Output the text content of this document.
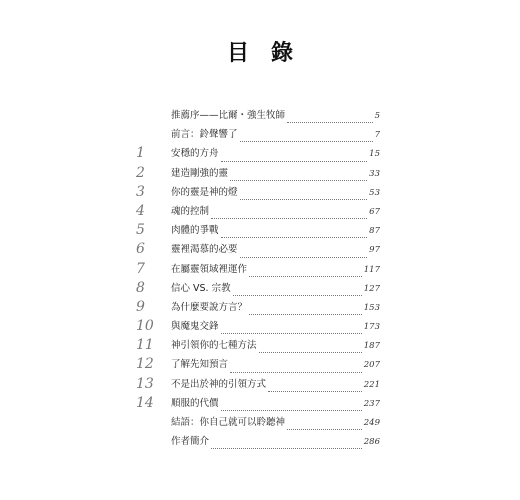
目 錄
推薦序——比爾・強生牧師	5
前言：鈴聲響了	7
1	安穩的方舟	15
2	建造剛強的靈	33
3	你的靈是神的燈	53
4	魂的控制	67
5	肉體的爭戰	87
6	靈裡渴慕的必要	97
7	在屬靈領域裡運作	117
8	信心 VS. 宗教	127
9	為什麼要說方言？	153
10	與魔鬼交鋒	173
11	神引領你的七種方法	187
12	了解先知預言	207
13	不是出於神的引領方式	221
14	順服的代價	237
結語：你自己就可以聆聽神	249
作者簡介	286
